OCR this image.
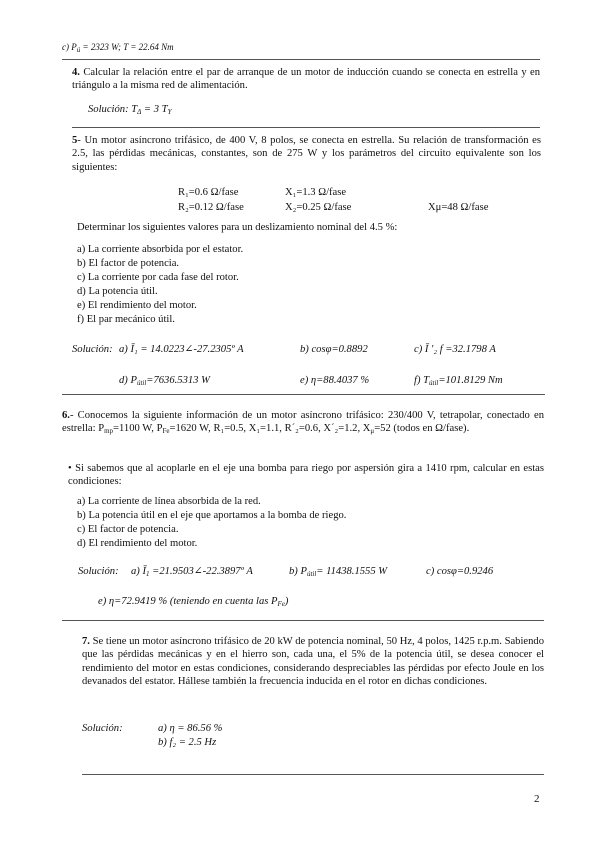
c) $P_ú = 2323$ W; T = 22.64 Nm
4. Calcular la relación entre el par de arranque de un motor de inducción cuando se conecta en estrella y en triángulo a la misma red de alimentación.
Solución: $T_\Delta = 3$ $T_Y$
5- Un motor asíncrono trifásico, de 400 V, 8 polos, se conecta en estrella. Su relación de transformación es 2.5, las pérdidas mecánicas, constantes, son de 275 W y los parámetros del circuito equivalente son los siguientes:
R₁=0.6 Ω/fase	X₁=1.3 Ω/fase
R₂=0.12 Ω/fase	X₂=0.25 Ω/fase	Xμ=48 Ω/fase
Determinar los siguientes valores para un deslizamiento nominal del 4.5 %:
a) La corriente absorbida por el estator.
b) El factor de potencia.
c) La corriente por cada fase del rotor.
d) La potencia útil.
e) El rendimiento del motor.
f) El par mecánico útil.
Solución: a) Ī₁ = 14.0223∠-27.2305º A	b) cosφ=0.8892	c) Ī ′₂ f =32.1798 A
d) $P_{útil}=7636.5313$ W	e) η=88.4037 %	f) $T_{útil}=101.8129$ Nm
6.- Conocemos la siguiente información de un motor asíncrono trifásico: 230/400 V, tetrapolar, conectado en estrella: $P_{mp}=1100$ W, $P_{Fe}=1620$ W, R₁=0.5, X₁=1.1, R´₂=0.6, X´₂=1.2, $X_\mu=52$ (todos en Ω/fase).
• Si sabemos que al acoplarle en el eje una bomba para riego por aspersión gira a 1410 rpm, calcular en estas condiciones:
a) La corriente de línea absorbida de la red.
b) La potencia útil en el eje que aportamos a la bomba de riego.
c) El factor de potencia.
d) El rendimiento del motor.
Solución: a) $Ī_1$ =21.9503∠-22.3897º A	b) $P_{útil}= 11438.1555$ W	c) cosφ=0.9246
e) η=72.9419 % (teniendo en cuenta las $P_{Fe}$)
7. Se tiene un motor asíncrono trifásico de 20 kW de potencia nominal, 50 Hz, 4 polos, 1425 r.p.m. Sabiendo que las pérdidas mecánicas y en el hierro son, cada una, el 5% de la potencia útil, se desea conocer el rendimiento del motor en estas condiciones, considerando despreciables las pérdidas por efecto Joule en los devanados del estator. Hállese también la frecuencia inducida en el rotor en dichas condiciones.
Solución:	a) η = 86.56 %
b) f₂ = 2.5 Hz
2
